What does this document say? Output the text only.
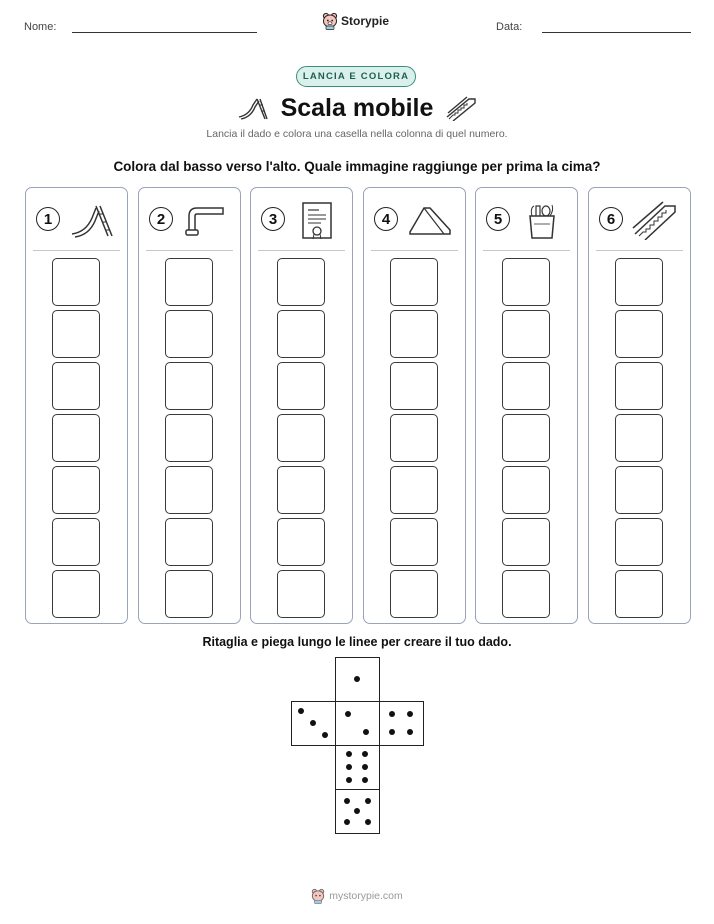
Nome:	Storypie	Data:
LANCIA E COLORA
Scala mobile
Lancia il dado e colora una casella nella colonna di quel numero.
Colora dal basso verso l'alto. Quale immagine raggiunge per prima la cima?
1	2	3	4	5	6
Ritaglia e piega lungo le linee per creare il tuo dado.
mystorypie.com
